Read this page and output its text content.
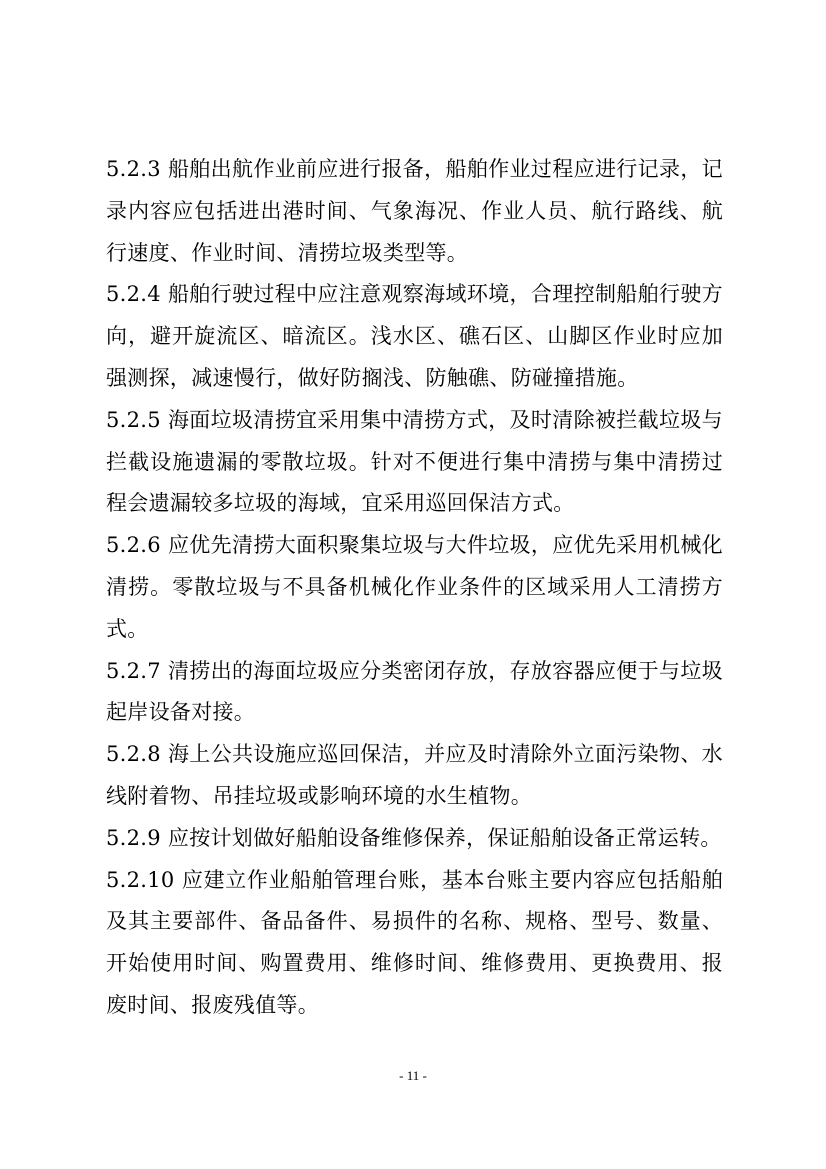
5.2.3 船舶出航作业前应进行报备，船舶作业过程应进行记录，记录内容应包括进出港时间、气象海况、作业人员、航行路线、航行速度、作业时间、清捞垃圾类型等。

5.2.4 船舶行驶过程中应注意观察海域环境，合理控制船舶行驶方向，避开旋流区、暗流区。浅水区、礁石区、山脚区作业时应加强测探，减速慢行，做好防搁浅、防触礁、防碰撞措施。

5.2.5 海面垃圾清捞宜采用集中清捞方式，及时清除被拦截垃圾与拦截设施遗漏的零散垃圾。针对不便进行集中清捞与集中清捞过程会遗漏较多垃圾的海域，宜采用巡回保洁方式。

5.2.6 应优先清捞大面积聚集垃圾与大件垃圾，应优先采用机械化清捞。零散垃圾与不具备机械化作业条件的区域采用人工清捞方式。

5.2.7 清捞出的海面垃圾应分类密闭存放，存放容器应便于与垃圾起岸设备对接。

5.2.8 海上公共设施应巡回保洁，并应及时清除外立面污染物、水线附着物、吊挂垃圾或影响环境的水生植物。

5.2.9 应按计划做好船舶设备维修保养，保证船舶设备正常运转。

5.2.10 应建立作业船舶管理台账，基本台账主要内容应包括船舶及其主要部件、备品备件、易损件的名称、规格、型号、数量、开始使用时间、购置费用、维修时间、维修费用、更换费用、报废时间、报废残值等。

- 11 -
